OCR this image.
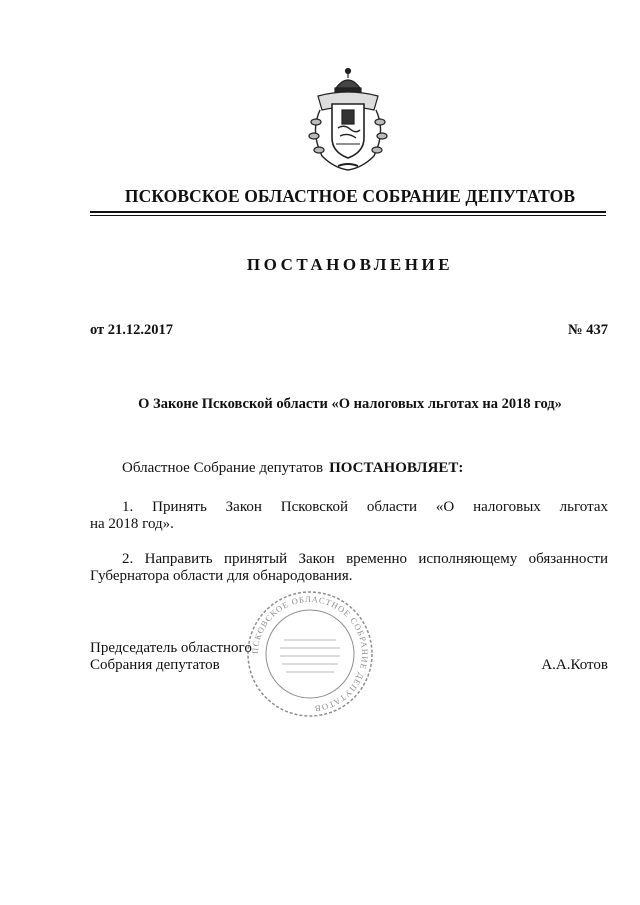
ПСКОВСКОЕ ОБЛАСТНОЕ СОБРАНИЕ ДЕПУТАТОВ
ПОСТАНОВЛЕНИЕ
от 21.12.2017	№ 437
О Законе Псковской области «О налоговых льготах на 2018 год»
Областное Собрание депутатов ПОСТАНОВЛЯЕТ:
1. Принять Закон Псковской области «О налоговых льготах
на 2018 год».
2. Направить принятый Закон временно исполняющему обязанности
Губернатора области для обнародования.
Председатель областного
Собрания депутатов	А.А.Котов
ПСКОВСКОЕ ОБЛАСТНОЕ СОБРАНИЕ ДЕПУТАТОВ
